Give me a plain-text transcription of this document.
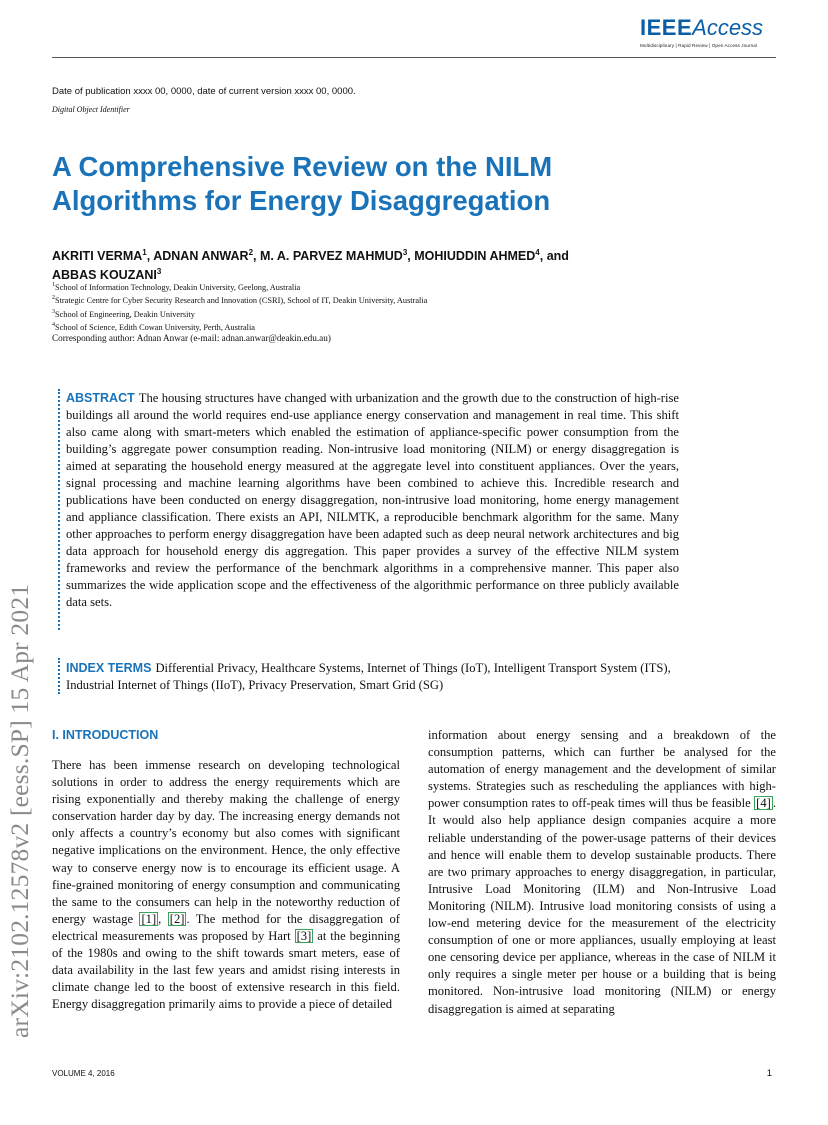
IEEEAccess
Multidisciplinary | Rapid Review | Open Access Journal
Date of publication xxxx 00, 0000, date of current version xxxx 00, 0000.
Digital Object Identifier
A Comprehensive Review on the NILM Algorithms for Energy Disaggregation
AKRITI VERMA$^1$, ADNAN ANWAR$^2$, M. A. PARVEZ MAHMUD$^3$, MOHIUDDIN AHMED$^4$, and
ABBAS KOUZANI$^3$
$^1$School of Information Technology, Deakin University, Geelong, Australia
$^2$Strategic Centre for Cyber Security Research and Innovation (CSRI), School of IT, Deakin University, Australia
$^3$School of Engineering, Deakin University
$^4$School of Science, Edith Cowan University, Perth, Australia
Corresponding author: Adnan Anwar (e-mail: adnan.anwar@deakin.edu.au)
arXiv:2102.12578v2 [eess.SP] 15 Apr 2021
ABSTRACT The housing structures have changed with urbanization and the growth due to the construction of high-rise buildings all around the world requires end-use appliance energy conservation and management in real time. This shift also came along with smart-meters which enabled the estimation of appliance-specific power consumption from the building’s aggregate power consumption reading. Non-intrusive load monitoring (NILM) or energy disaggregation is aimed at separating the household energy measured at the aggregate level into constituent appliances. Over the years, signal processing and machine learning algorithms have been combined to achieve this. Incredible research and publications have been conducted on energy disaggregation, non-intrusive load monitoring, home energy management and appliance classification. There exists an API, NILMTK, a reproducible benchmark algorithm for the same. Many other approaches to perform energy disaggregation have been adapted such as deep neural network architectures and big data approach for household energy dis aggregation. This paper provides a survey of the effective NILM system frameworks and review the performance of the benchmark algorithms in a comprehensive manner. This paper also summarizes the wide application scope and the effectiveness of the algorithmic performance on three publicly available data sets.
INDEX TERMS Differential Privacy, Healthcare Systems, Internet of Things (IoT), Intelligent Transport System (ITS), Industrial Internet of Things (IIoT), Privacy Preservation, Smart Grid (SG)
I. INTRODUCTION
There has been immense research on developing technological solutions in order to address the energy requirements which are rising exponentially and thereby making the challenge of energy conservation harder day by day. The increasing energy demands not only affects a country’s economy but also comes with significant negative implications on the environment. Hence, the only effective way to conserve energy now is to encourage its efficient usage. A fine-grained monitoring of energy consumption and communicating the same to the consumers can help in the noteworthy reduction of energy wastage [1] , [2] . The method for the disaggregation of electrical measurements was proposed by Hart [3] at the beginning of the 1980s and owing to the shift towards smart meters, ease of data availability in the last few years and amidst rising interests in climate change led to the boost of extensive research in this field. Energy disaggregation primarily aims to provide a piece of detailed
information about energy sensing and a breakdown of the consumption patterns, which can further be analysed for the automation of energy management and the development of similar systems. Strategies such as rescheduling the appliances with high-power consumption rates to off-peak times will thus be feasible [4] . It would also help appliance design companies acquire a more reliable understanding of the power-usage patterns of their devices and hence will enable them to develop sustainable products. There are two primary approaches to energy disaggregation, in particular, Intrusive Load Monitoring (ILM) and Non-Intrusive Load Monitoring (NILM). Intrusive load monitoring consists of using a low-end metering device for the measurement of the electricity consumption of one or more appliances, usually employing at least one censoring device per appliance, whereas in the case of NILM it only requires a single meter per house or a building that is being monitored. Non-intrusive load monitoring (NILM) or energy disaggregation is aimed at separating
VOLUME 4, 2016	1
